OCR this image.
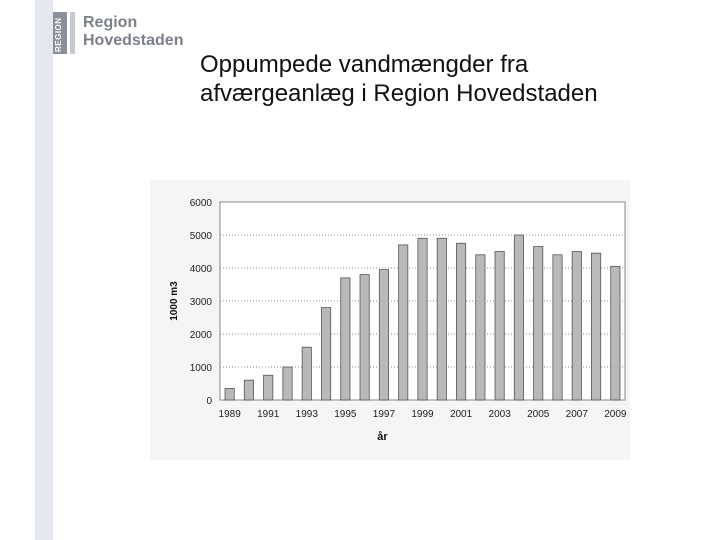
REGION Region
Hovedstaden
Oppumpede vandmængder fra
afværgeanlæg i Region Hovedstaden
0
1000
2000
3000
4000
5000
6000
1989 1991 1993 1995 1997 1999 2001 2003 2005 2007 2009
år
1000 m3
